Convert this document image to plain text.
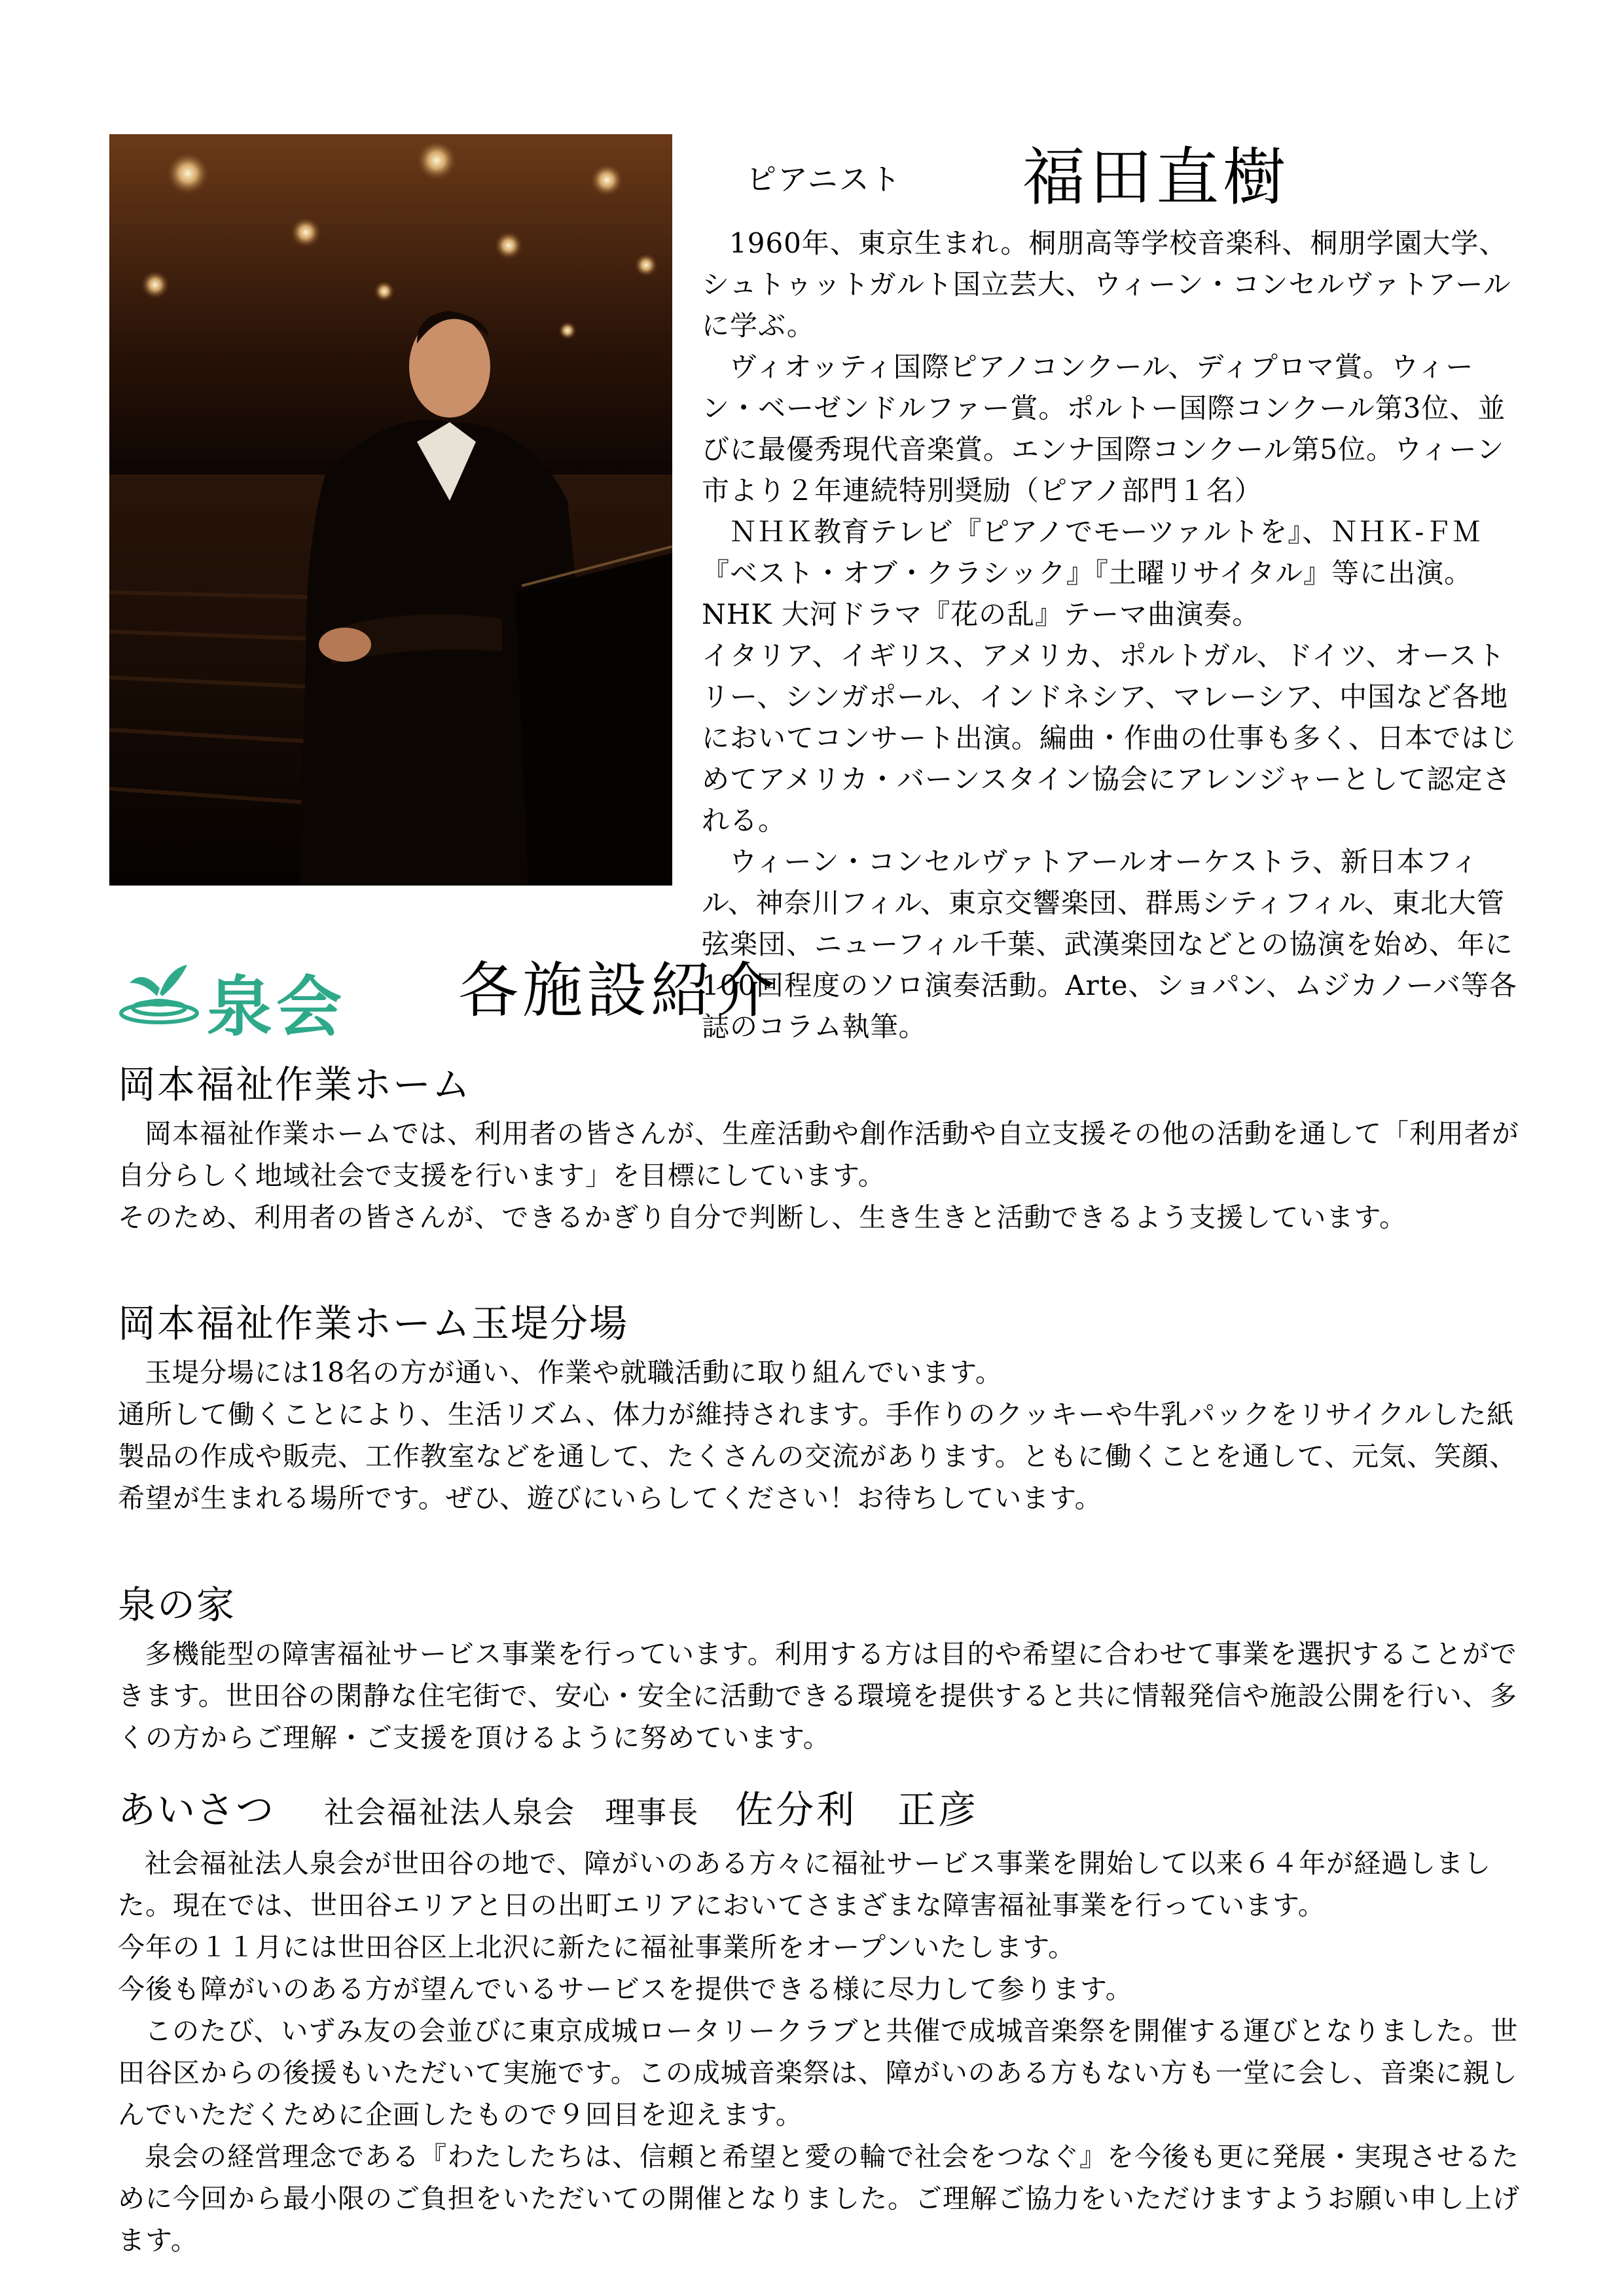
ピアニスト 福田直樹

1960年、東京生まれ。桐朋高等学校音楽科、桐朋学園大学、シュトゥットガルト国立芸大、ウィーン・コンセルヴァトアールに学ぶ。

ヴィオッティ国際ピアノコンクール、ディプロマ賞。ウィーン・ベーゼンドルファー賞。ポルトー国際コンクール第3位、並びに最優秀現代音楽賞。エンナ国際コンクール第5位。ウィーン市より２年連続特別奨励（ピアノ部門１名）

ＮＨＫ教育テレビ『ピアノでモーツァルトを』、ＮＨＫ-ＦＭ『ベスト・オブ・クラシック』『土曜リサイタル』等に出演。NHK 大河ドラマ『花の乱』テーマ曲演奏。

イタリア、イギリス、アメリカ、ポルトガル、ドイツ、オーストリー、シンガポール、インドネシア、マレーシア、中国など各地においてコンサート出演。編曲・作曲の仕事も多く、日本ではじめてアメリカ・バーンスタイン協会にアレンジャーとして認定される。

ウィーン・コンセルヴァトアールオーケストラ、新日本フィル、神奈川フィル、東京交響楽団、群馬シティフィル、東北大管弦楽団、ニューフィル千葉、武漢楽団などとの協演を始め、年に100回程度のソロ演奏活動。Arte、ショパン、ムジカノーバ等各誌のコラム執筆。

泉会 各施設紹介
岡本福祉作業ホーム

岡本福祉作業ホームでは、利用者の皆さんが、生産活動や創作活動や自立支援その他の活動を通して「利用者が自分らしく地域社会で支援を行います」を目標にしています。

そのため、利用者の皆さんが、できるかぎり自分で判断し、生き生きと活動できるよう支援しています。

岡本福祉作業ホーム玉堤分場

玉堤分場には18名の方が通い、作業や就職活動に取り組んでいます。

通所して働くことにより、生活リズム、体力が維持されます。手作りのクッキーや牛乳パックをリサイクルした紙製品の作成や販売、工作教室などを通して、たくさんの交流があります。ともに働くことを通して、元気、笑顔、希望が生まれる場所です。ぜひ、遊びにいらしてください！お待ちしています。

泉の家

多機能型の障害福祉サービス事業を行っています。利用する方は目的や希望に合わせて事業を選択することができます。世田谷の閑静な住宅街で、安心・安全に活動できる環境を提供すると共に情報発信や施設公開を行い、多くの方からご理解・ご支援を頂けるように努めています。

あいさつ 社会福祉法人泉会 理事長 佐分利　正彦

社会福祉法人泉会が世田谷の地で、障がいのある方々に福祉サービス事業を開始して以来６４年が経過しました。現在では、世田谷エリアと日の出町エリアにおいてさまざまな障害福祉事業を行っています。

今年の１１月には世田谷区上北沢に新たに福祉事業所をオープンいたします。

今後も障がいのある方が望んでいるサービスを提供できる様に尽力して参ります。

このたび、いずみ友の会並びに東京成城ロータリークラブと共催で成城音楽祭を開催する運びとなりました。世田谷区からの後援もいただいて実施です。この成城音楽祭は、障がいのある方もない方も一堂に会し、音楽に親しんでいただくために企画したもので９回目を迎えます。

泉会の経営理念である『わたしたちは、信頼と希望と愛の輪で社会をつなぐ』を今後も更に発展・実現させるために今回から最小限のご負担をいただいての開催となりました。ご理解ご協力をいただけますようお願い申し上げます。
